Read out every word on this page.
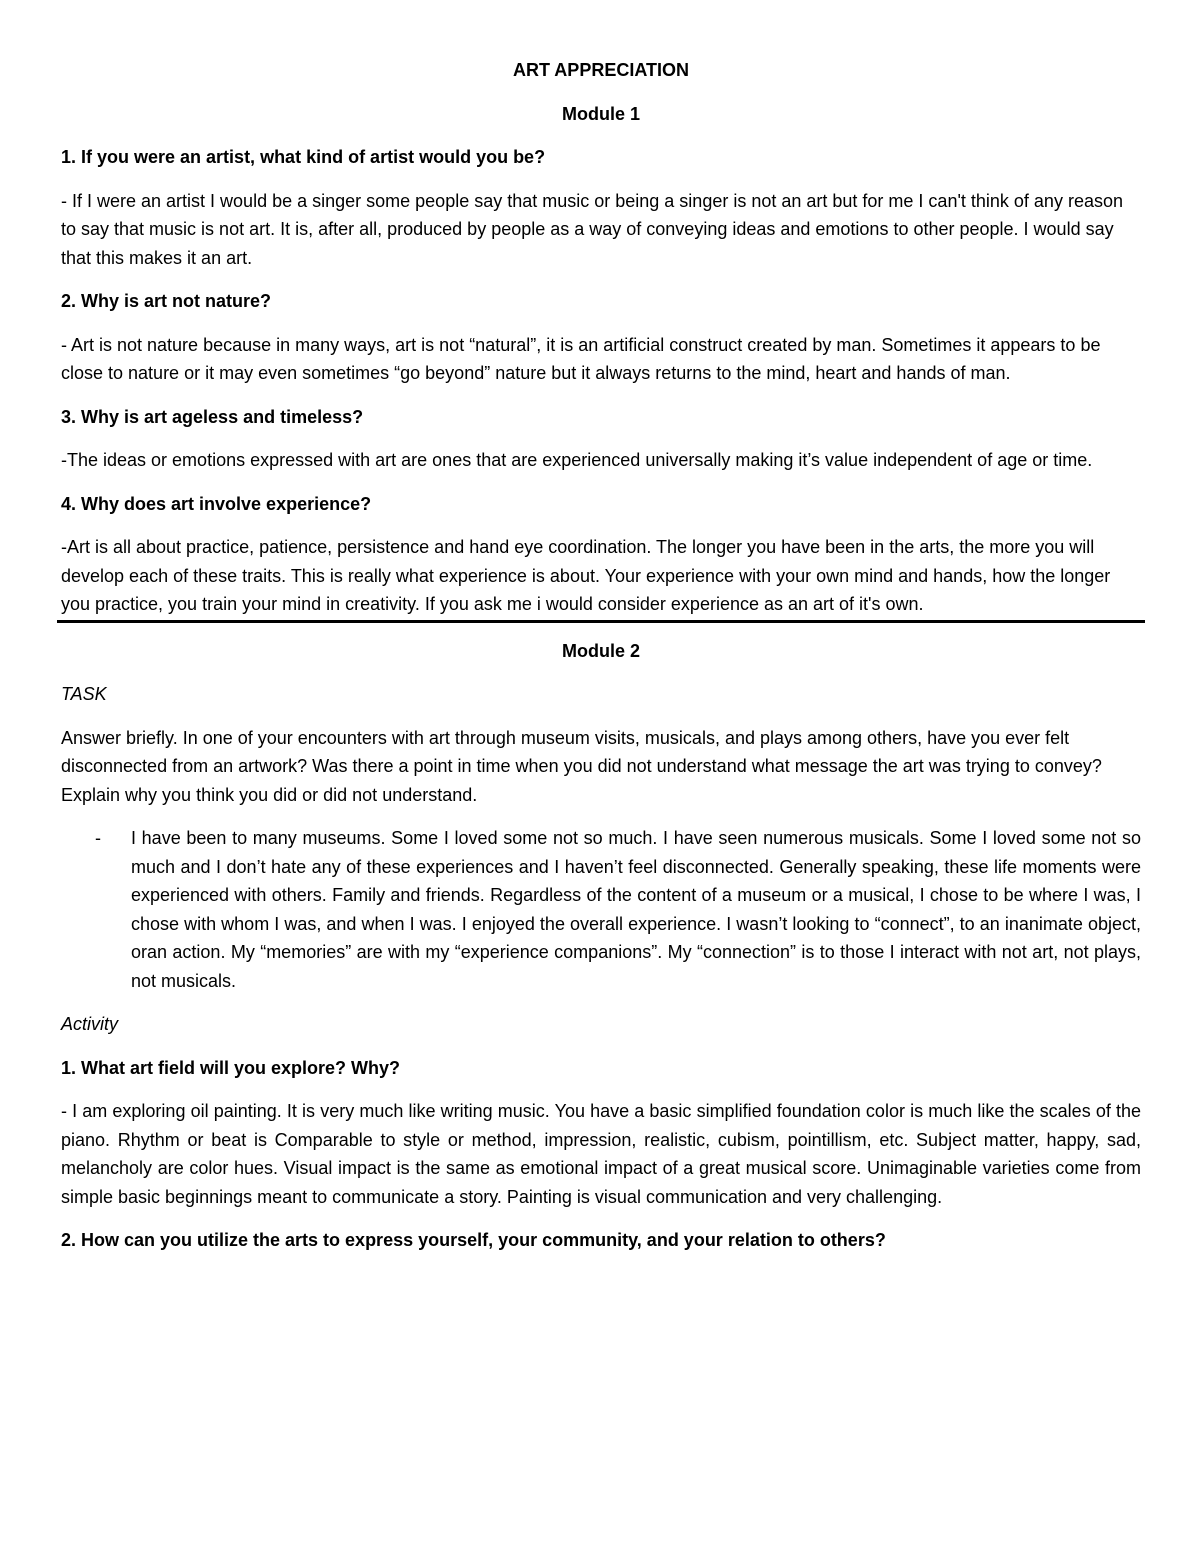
ART APPRECIATION
Module 1
1. If you were an artist, what kind of artist would you be?
- If I were an artist I would be a singer some people say that music or being a singer is not an art but for me I can't think of any reason to say that music is not art. It is, after all, produced by people as a way of conveying ideas and emotions to other people. I would say that this makes it an art.
2. Why is art not nature?
- Art is not nature because in many ways, art is not “natural”, it is an artificial construct created by man. Sometimes it appears to be close to nature or it may even sometimes “go beyond” nature but it always returns to the mind, heart and hands of man.
3. Why is art ageless and timeless?
-The ideas or emotions expressed with art are ones that are experienced universally making it’s value independent of age or time.
4. Why does art involve experience?
-Art is all about practice, patience, persistence and hand eye coordination. The longer you have been in the arts, the more you will develop each of these traits. This is really what experience is about. Your experience with your own mind and hands, how the longer you practice, you train your mind in creativity. If you ask me i would consider experience as an art of it's own.
Module 2
TASK
Answer briefly. In one of your encounters with art through museum visits, musicals, and plays among others, have you ever felt disconnected from an artwork? Was there a point in time when you did not understand what message the art was trying to convey? Explain why you think you did or did not understand.
- I have been to many museums. Some I loved some not so much. I have seen numerous musicals. Some I loved some not so much and I don’t hate any of these experiences and I haven’t feel disconnected. Generally speaking, these life moments were experienced with others. Family and friends. Regardless of the content of a museum or a musical, I chose to be where I was, I chose with whom I was, and when I was. I enjoyed the overall experience. I wasn’t looking to “connect”, to an inanimate object, oran action. My “memories” are with my “experience companions”. My “connection” is to those I interact with not art, not plays, not musicals.
Activity
1. What art field will you explore? Why?
- I am exploring oil painting. It is very much like writing music. You have a basic simplified foundation color is much like the scales of the piano. Rhythm or beat is Comparable to style or method, impression, realistic, cubism, pointillism, etc. Subject matter, happy, sad, melancholy are color hues. Visual impact is the same as emotional impact of a great musical score. Unimaginable varieties come from simple basic beginnings meant to communicate a story. Painting is visual communication and very challenging.
2. How can you utilize the arts to express yourself, your community, and your relation to others?
